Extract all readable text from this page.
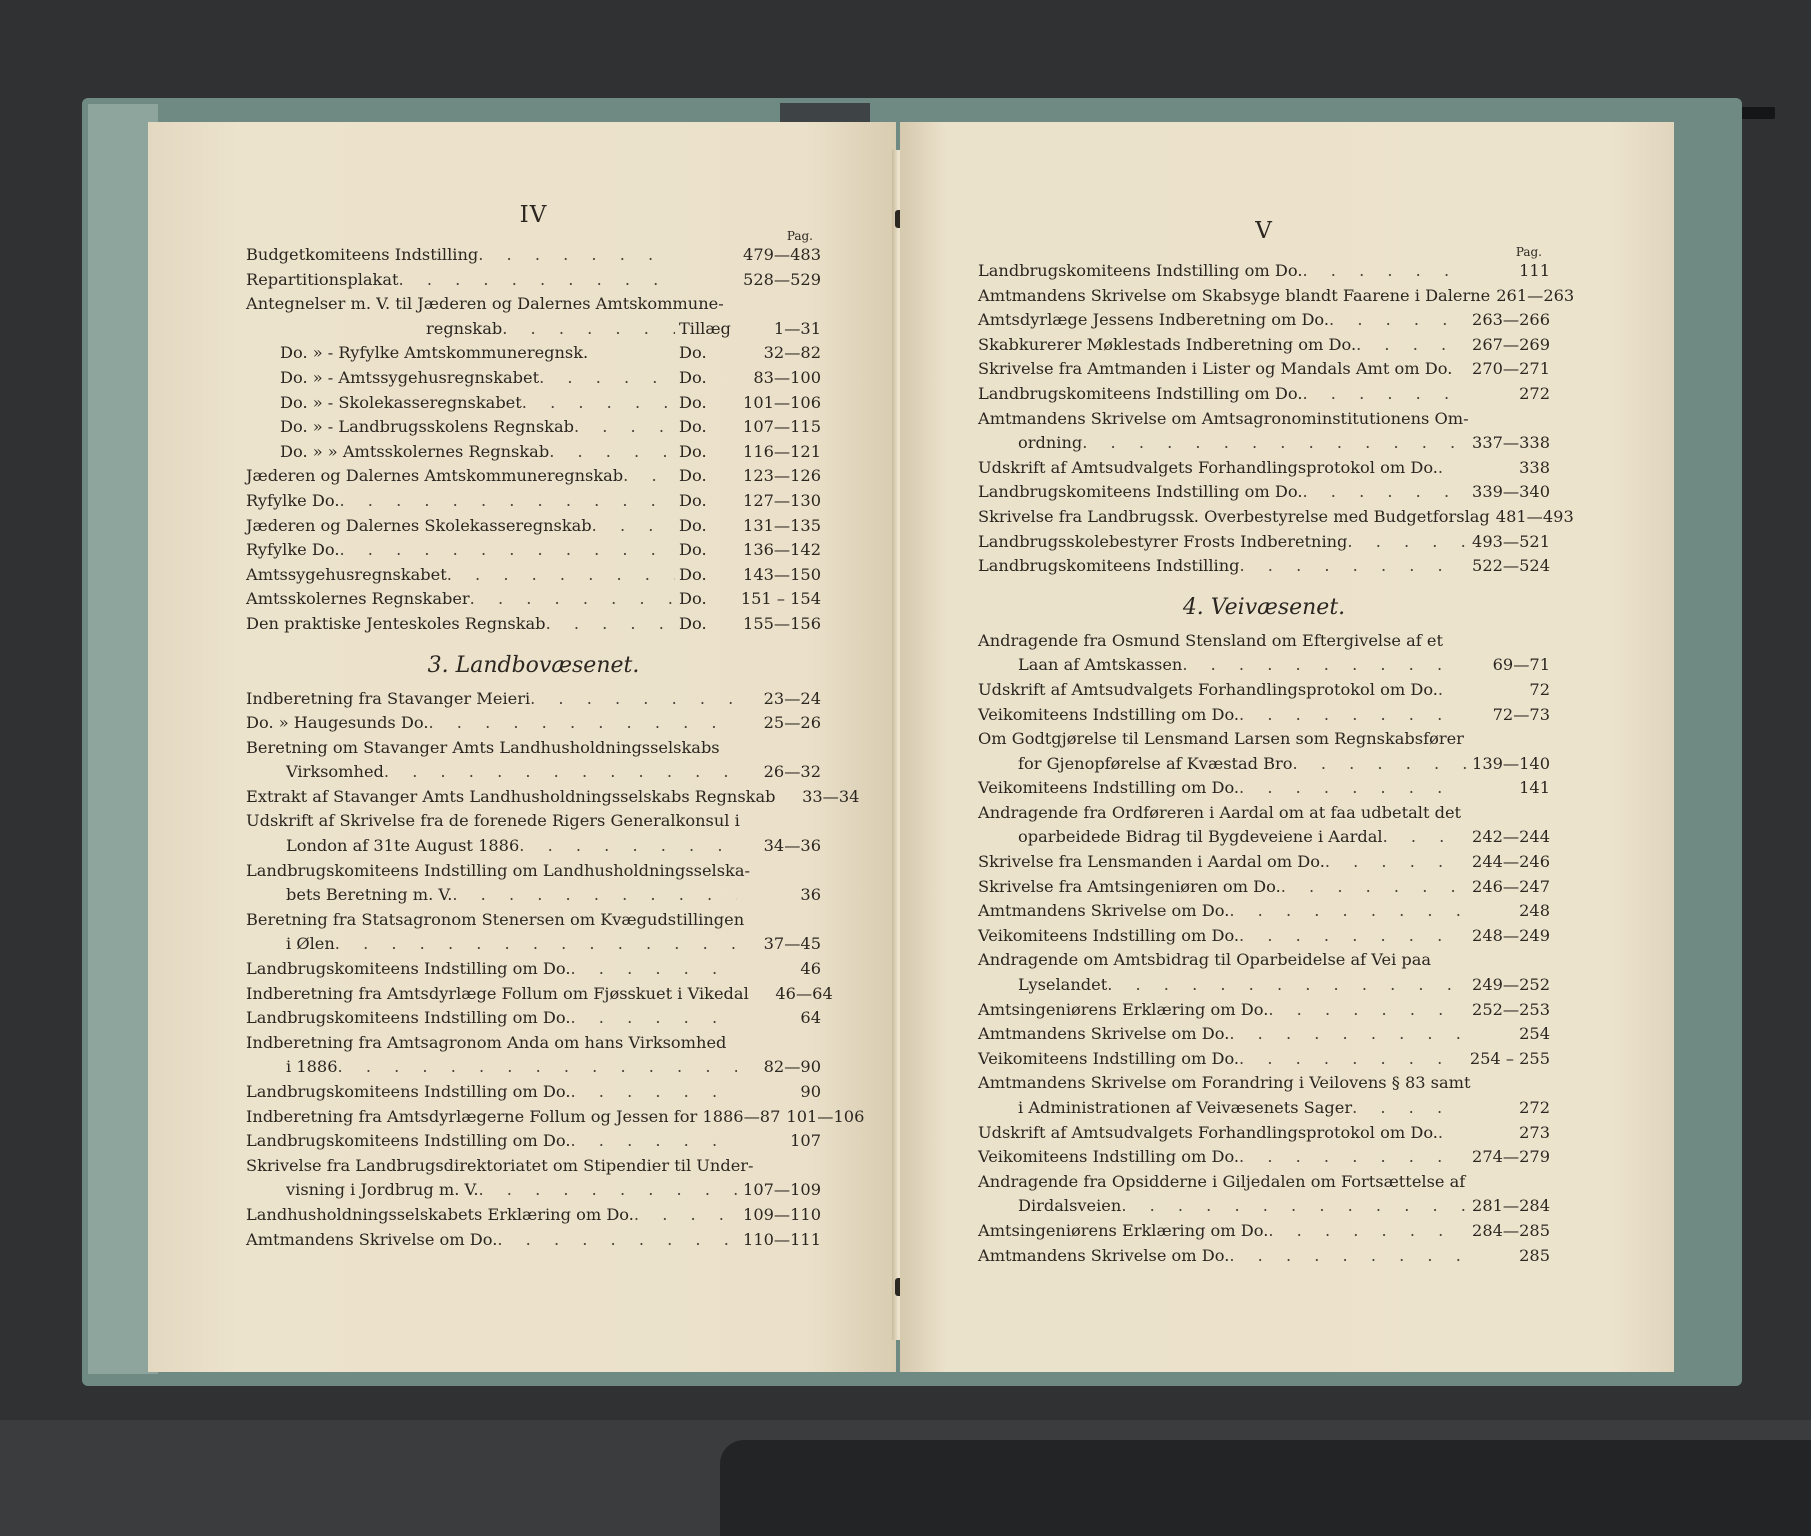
IV
Pag.
Budgetkomiteens Indstilling . . .	479—483
Repartitionsplakat . . .	528—529
Antegnelser m. V. til Jæderen og Dalernes Amtskommune-
regnskab . . .	Tillæg	1—31
Do. » - Ryfylke Amtskommuneregnsk.	Do.	32—82
Do. » - Amtssygehusregnskabet . . .	Do.	83—100
Do. » - Skolekasseregnskabet . . .	Do.	101—106
Do. » - Landbrugsskolens Regnskab . . .	Do.	107—115
Do. » » Amtsskolernes Regnskab . . .	Do.	116—121
Jæderen og Dalernes Amtskommuneregnskab . . .	Do.	123—126
Ryfylke Do. . . .	Do.	127—130
Jæderen og Dalernes Skolekasseregnskab . . .	Do.	131—135
Ryfylke Do. . . .	Do.	136—142
Amtssygehusregnskabet . . .	Do.	143—150
Amtsskolernes Regnskaber . . .	Do.	151 – 154
Den praktiske Jenteskoles Regnskab . . .	Do.	155—156
3. Landbovæsenet.
Indberetning fra Stavanger Meieri . . .	23—24
Do. » Haugesunds Do. . . .	25—26
Beretning om Stavanger Amts Landhusholdningsselskabs
Virksomhed . . .	26—32
Extrakt af Stavanger Amts Landhusholdningsselskabs Regnskab	33—34
Udskrift af Skrivelse fra de forenede Rigers Generalkonsul i
London af 31te August 1886 . . .	34—36
Landbrugskomiteens Indstilling om Landhusholdningsselska-
bets Beretning m. V. . . .	36
Beretning fra Statsagronom Stenersen om Kvægudstillingen
i Ølen . . .	37—45
Landbrugskomiteens Indstilling om Do. . . .	46
Indberetning fra Amtsdyrlæge Follum om Fjøsskuet i Vikedal	46—64
Landbrugskomiteens Indstilling om Do. . . .	64
Indberetning fra Amtsagronom Anda om hans Virksomhed
i 1886 . . .	82—90
Landbrugskomiteens Indstilling om Do. . . .	90
Indberetning fra Amtsdyrlægerne Follum og Jessen for 1886—87 101—106
Landbrugskomiteens Indstilling om Do. . . .	107
Skrivelse fra Landbrugsdirektoriatet om Stipendier til Under-
visning i Jordbrug m. V. . . .	107—109
Landhusholdningsselskabets Erklæring om Do. . . .	109—110
Amtmandens Skrivelse om Do. . . .	110—111
V
Pag.
Landbrugskomiteens Indstilling om Do. . . .	111
Amtmandens Skrivelse om Skabsyge blandt Faarene i Dalerne 261—263
Amtsdyrlæge Jessens Indberetning om Do. . . .	263—266
Skabkurerer Møklestads Indberetning om Do. . . .	267—269
Skrivelse fra Amtmanden i Lister og Mandals Amt om Do.	270—271
Landbrugskomiteens Indstilling om Do. . . .	272
Amtmandens Skrivelse om Amtsagronominstitutionens Om-
ordning . . .	337—338
Udskrift af Amtsudvalgets Forhandlingsprotokol om Do. . . .	338
Landbrugskomiteens Indstilling om Do. . . .	339—340
Skrivelse fra Landbrugssk. Overbestyrelse med Budgetforslag 481—493
Landbrugsskolebestyrer Frosts Indberetning . . .	493—521
Landbrugskomiteens Indstilling . . .	522—524
4. Veivæsenet.
Andragende fra Osmund Stensland om Eftergivelse af et
Laan af Amtskassen . . .	69—71
Udskrift af Amtsudvalgets Forhandlingsprotokol om Do. . . .	72
Veikomiteens Indstilling om Do. . . .	72—73
Om Godtgjørelse til Lensmand Larsen som Regnskabsfører
for Gjenopførelse af Kvæstad Bro . . .	139—140
Veikomiteens Indstilling om Do. . . .	141
Andragende fra Ordføreren i Aardal om at faa udbetalt det
oparbeidede Bidrag til Bygdeveiene i Aardal . . .	242—244
Skrivelse fra Lensmanden i Aardal om Do. . . .	244—246
Skrivelse fra Amtsingeniøren om Do. . . .	246—247
Amtmandens Skrivelse om Do. . . .	248
Veikomiteens Indstilling om Do. . . .	248—249
Andragende om Amtsbidrag til Oparbeidelse af Vei paa
Lyselandet . . .	249—252
Amtsingeniørens Erklæring om Do. . . .	252—253
Amtmandens Skrivelse om Do. . . .	254
Veikomiteens Indstilling om Do. . . .	254 – 255
Amtmandens Skrivelse om Forandring i Veilovens § 83 samt
i Administrationen af Veivæsenets Sager . . .	272
Udskrift af Amtsudvalgets Forhandlingsprotokol om Do. . . .	273
Veikomiteens Indstilling om Do. . . .	274—279
Andragende fra Opsidderne i Giljedalen om Fortsættelse af
Dirdalsveien . . .	281—284
Amtsingeniørens Erklæring om Do. . . .	284—285
Amtmandens Skrivelse om Do. . . .	285
